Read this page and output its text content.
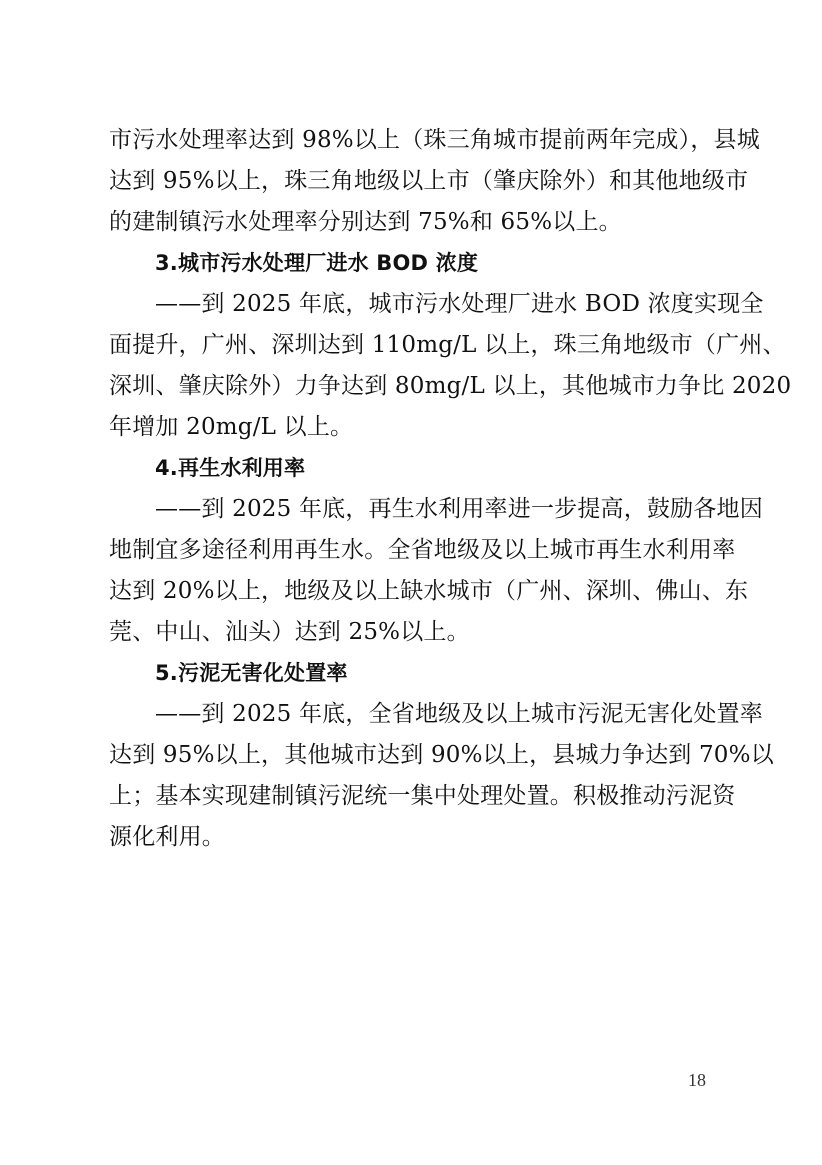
市污水处理率达到 98%以上（珠三角城市提前两年完成），县城
达到 95%以上，珠三角地级以上市（肇庆除外）和其他地级市
的建制镇污水处理率分别达到 75%和 65%以上。
3.城市污水处理厂进水 BOD 浓度
——到 2025 年底，城市污水处理厂进水 BOD 浓度实现全
面提升，广州、深圳达到 110mg/L 以上，珠三角地级市（广州、
深圳、肇庆除外）力争达到 80mg/L 以上，其他城市力争比 2020
年增加 20mg/L 以上。
4.再生水利用率
——到 2025 年底，再生水利用率进一步提高，鼓励各地因
地制宜多途径利用再生水。全省地级及以上城市再生水利用率
达到 20%以上，地级及以上缺水城市（广州、深圳、佛山、东
莞、中山、汕头）达到 25%以上。
5.污泥无害化处置率
——到 2025 年底，全省地级及以上城市污泥无害化处置率
达到 95%以上，其他城市达到 90%以上，县城力争达到 70%以
上；基本实现建制镇污泥统一集中处理处置。积极推动污泥资
源化利用。
18
